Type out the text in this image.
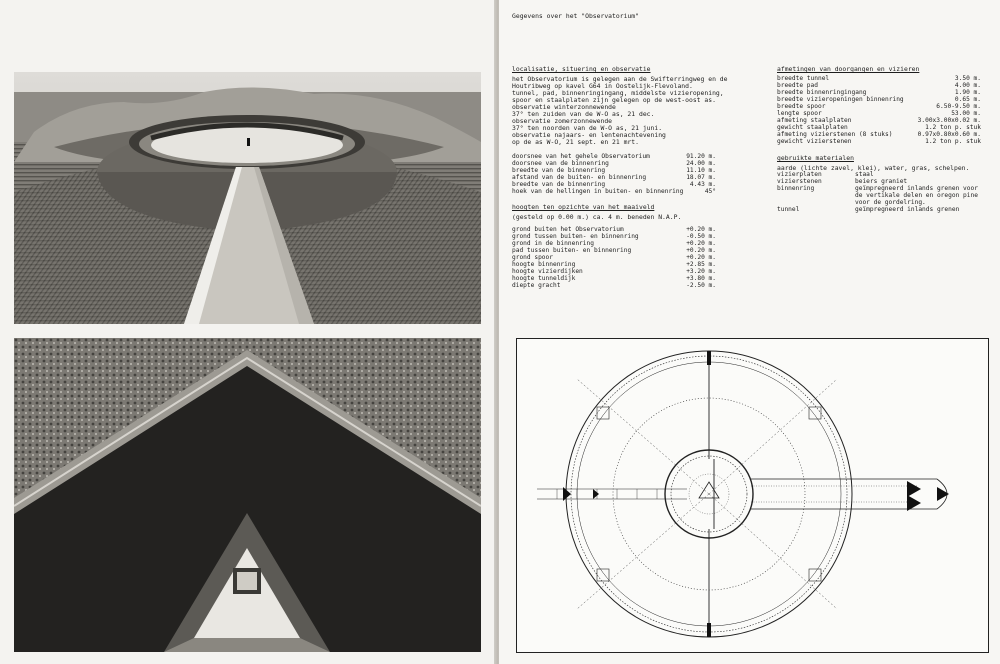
Gegevens over het "Observatorium"
localisatie, situering en observatie
het Observatorium is gelegen aan de Swifterringweg en de
Houtribweg op kavel G64 in Oostelijk-Flevoland.
tunnel, pad, binnenringingang, middelste vizieropening,
spoor en staalplaten zijn gelegen op de west-oost as.
observatie winterzonnewende
37° ten zuiden van de W-O as, 21 dec.
observatie zomerzonnewende
37° ten noorden van de W-O as, 21 juni.
observatie najaars- en lentenachtevening
op de as W-O, 21 sept. en 21 mrt.
doorsnee van het gehele Observatorium	91.20 m.
doorsnee van de binnenring	24.00 m.
breedte van de binnenring	11.10 m.
afstand van de buiten- en binnenring	18.07 m.
breedte van de binnenring	4.43 m.
hoek van de hellingen in buiten- en binnenring	45°
hoogten ten opzichte van het maaiveld
(gesteld op 0.00 m.) ca. 4 m. beneden N.A.P.
grond buiten het Observatorium	+0.20 m.
grond tussen buiten- en binnenring	-0.50 m.
grond in de binnenring	+0.20 m.
pad tussen buiten- en binnenring	+0.20 m.
grond spoor	+0.20 m.
hoogte binnenring	+2.85 m.
hoogte vizierdijken	+3.20 m.
hoogte tunneldijk	+3.80 m.
diepte gracht	-2.50 m.
afmetingen van doorgangen en vizieren
breedte tunnel	3.50 m.
breedte pad	4.00 m.
breedte binnenringingang	1.90 m.
breedte vizieropeningen binnenring	0.65 m.
breedte spoor	6.50-9.50 m.
lengte spoor	53.00 m.
afmeting staalplaten	3.00x3.00x0.02 m.
gewicht staalplaten	1.2 ton p. stuk
afmeting vizierstenen (8 stuks)	0.97x0.80x0.60 m.
gewicht vizierstenen	1.2 ton p. stuk
gebruikte materialen
aarde (lichte zavel, klei), water, gras, schelpen.
vizierplaten	staal
vizierstenen	beiers graniet
binnenring	geïmpregneerd inlands grenen voor
de vertikale delen en oregon pine
voor de gordelring.
tunnel	geïmpregneerd inlands grenen
